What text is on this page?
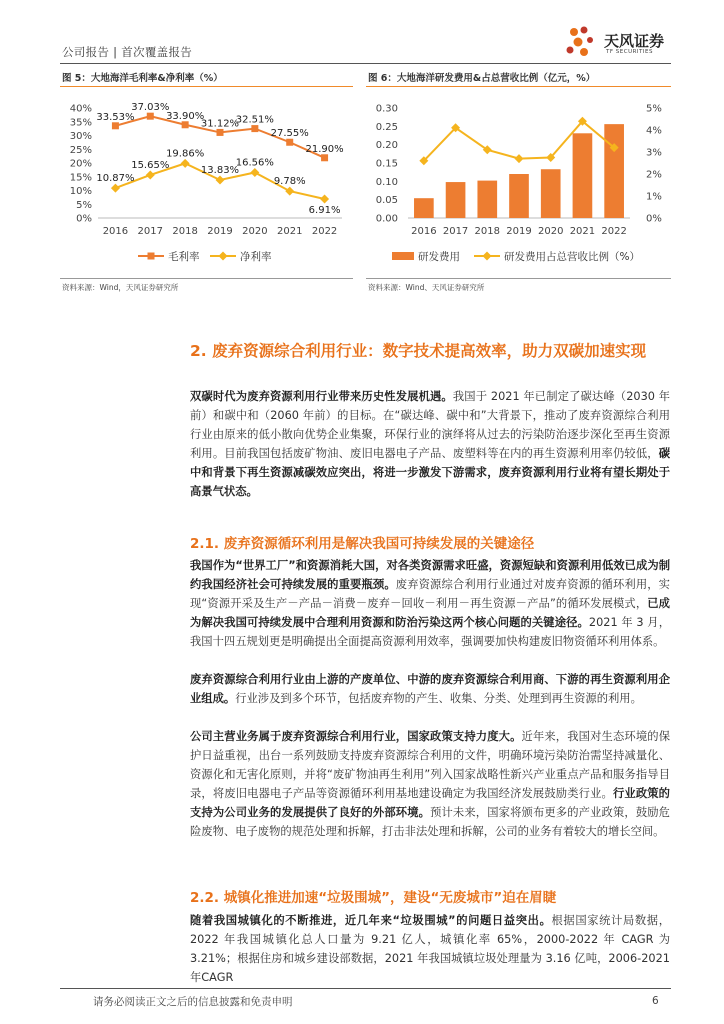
公司报告 | 首次覆盖报告
天风证券
TF SECURITIES
图 5：大地海洋毛利率&净利率（%）
0%
5%
10%
15%
20%
25%
30%
35%
40%
2016 2017 2018 2019 2020 2021 2022
33.53%
37.03%
33.90%
31.12%
32.51%
27.55%
21.90%
10.87%
15.65%
19.86%
13.83%
16.56%
9.78%
6.91%
毛利率	净利率
资料来源：Wind，天风证券研究所
图 6：大地海洋研发费用&占总营收比例（亿元，%）
0.00
0.05
0.10
0.15
0.20
0.25
0.30
0%
1%
2%
3%
4%
5%
2016 2017 2018 2019 2020 2021 2022
研发费用	研发费用占总营收比例（%）
资料来源：Wind、天风证券研究所
2. 废弃资源综合利用行业：数字技术提高效率，助力双碳加速实现
双碳时代为废弃资源利用行业带来历史性发展机遇。我国于 2021 年已制定了碳达峰（2030 年前）和碳中和（2060 年前）的目标。在“碳达峰、碳中和”大背景下，推动了废弃资源综合利用行业由原来的低小散向优势企业集聚，环保行业的演绎将从过去的污染防治逐步深化至再生资源利用。目前我国包括废矿物油、废旧电器电子产品、废塑料等在内的再生资源利用率仍较低，碳中和背景下再生资源减碳效应突出，将进一步激发下游需求，废弃资源利用行业将有望长期处于高景气状态。
2.1. 废弃资源循环利用是解决我国可持续发展的关键途径
我国作为“世界工厂”和资源消耗大国，对各类资源需求旺盛，资源短缺和资源利用低效已成为制约我国经济社会可持续发展的重要瓶颈。废弃资源综合利用行业通过对废弃资源的循环利用，实现“资源开采及生产－产品－消费－废弃－回收－利用－再生资源－产品”的循环发展模式，已成为解决我国可持续发展中合理利用资源和防治污染这两个核心问题的关键途径。2021 年 3 月，我国十四五规划更是明确提出全面提高资源利用效率，强调要加快构建废旧物资循环利用体系。
废弃资源综合利用行业由上游的产废单位、中游的废弃资源综合利用商、下游的再生资源利用企业组成。行业涉及到多个环节，包括废弃物的产生、收集、分类、处理到再生资源的利用。
公司主营业务属于废弃资源综合利用行业，国家政策支持力度大。近年来，我国对生态环境的保护日益重视，出台一系列鼓励支持废弃资源综合利用的文件，明确环境污染防治需坚持减量化、资源化和无害化原则，并将“废矿物油再生利用”列入国家战略性新兴产业重点产品和服务指导目录，将废旧电器电子产品等资源循环利用基地建设确定为我国经济发展鼓励类行业。行业政策的支持为公司业务的发展提供了良好的外部环境。预计未来，国家将颁布更多的产业政策，鼓励危险废物、电子废物的规范处理和拆解，打击非法处理和拆解，公司的业务有着较大的增长空间。
2.2. 城镇化推进加速“垃圾围城”，建设“无废城市”迫在眉睫
随着我国城镇化的不断推进，近几年来“垃圾围城”的问题日益突出。根据国家统计局数据，2022 年我国城镇化总人口量为 9.21 亿人，城镇化率 65%，2000-2022 年 CAGR 为 3.21%；根据住房和城乡建设部数据，2021 年我国城镇垃圾处理量为 3.16 亿吨，2006-2021 年CAGR
请务必阅读正文之后的信息披露和免责申明	6
